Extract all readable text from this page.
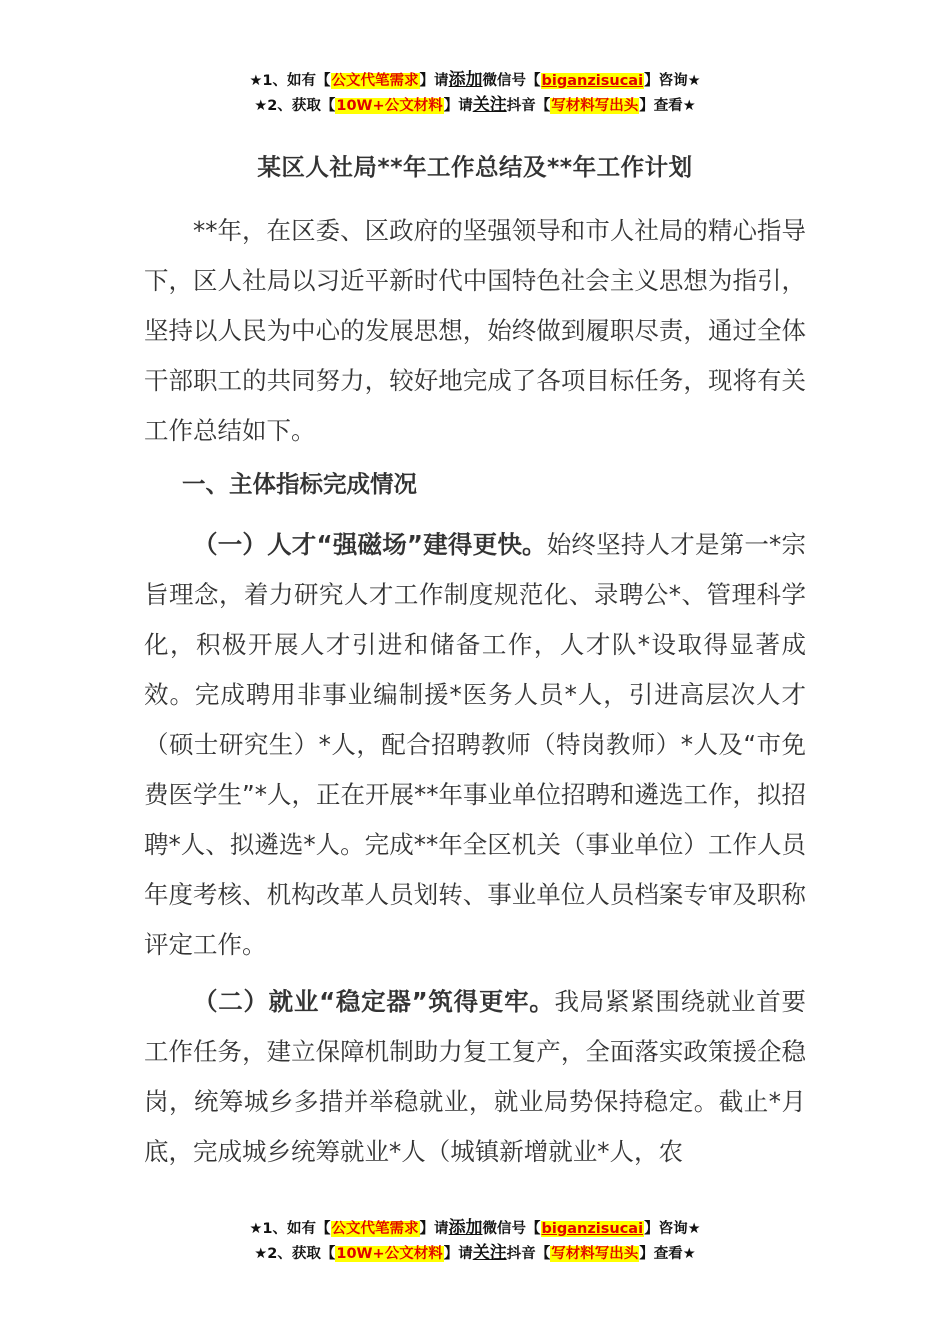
★1、如有【公文代笔需求】请添加微信号【biganzisucai】咨询★
★2、获取【10W+公文材料】请关注抖音【写材料写出头】查看★
某区人社局**年工作总结及**年工作计划

**年，在区委、区政府的坚强领导和市人社局的精心指导下，区人社局以习近平新时代中国特色社会主义思想为指引，坚持以人民为中心的发展思想，始终做到履职尽责，通过全体干部职工的共同努力，较好地完成了各项目标任务，现将有关工作总结如下。

一、主体指标完成情况

（一）人才“强磁场”建得更快。始终坚持人才是第一*宗旨理念，着力研究人才工作制度规范化、录聘公*、管理科学化，积极开展人才引进和储备工作，人才队*设取得显著成效。完成聘用非事业编制援*医务人员*人，引进高层次人才（硕士研究生）*人，配合招聘教师（特岗教师）*人及“市免费医学生”*人，正在开展**年事业单位招聘和遴选工作，拟招聘*人、拟遴选*人。完成**年全区机关（事业单位）工作人员年度考核、机构改革人员划转、事业单位人员档案专审及职称评定工作。

（二）就业“稳定器”筑得更牢。我局紧紧围绕就业首要工作任务，建立保障机制助力复工复产，全面落实政策援企稳岗，统筹城乡多措并举稳就业，就业局势保持稳定。截止*月底，完成城乡统筹就业*人（城镇新增就业*人，农

★1、如有【公文代笔需求】请添加微信号【biganzisucai】咨询★
★2、获取【10W+公文材料】请关注抖音【写材料写出头】查看★
